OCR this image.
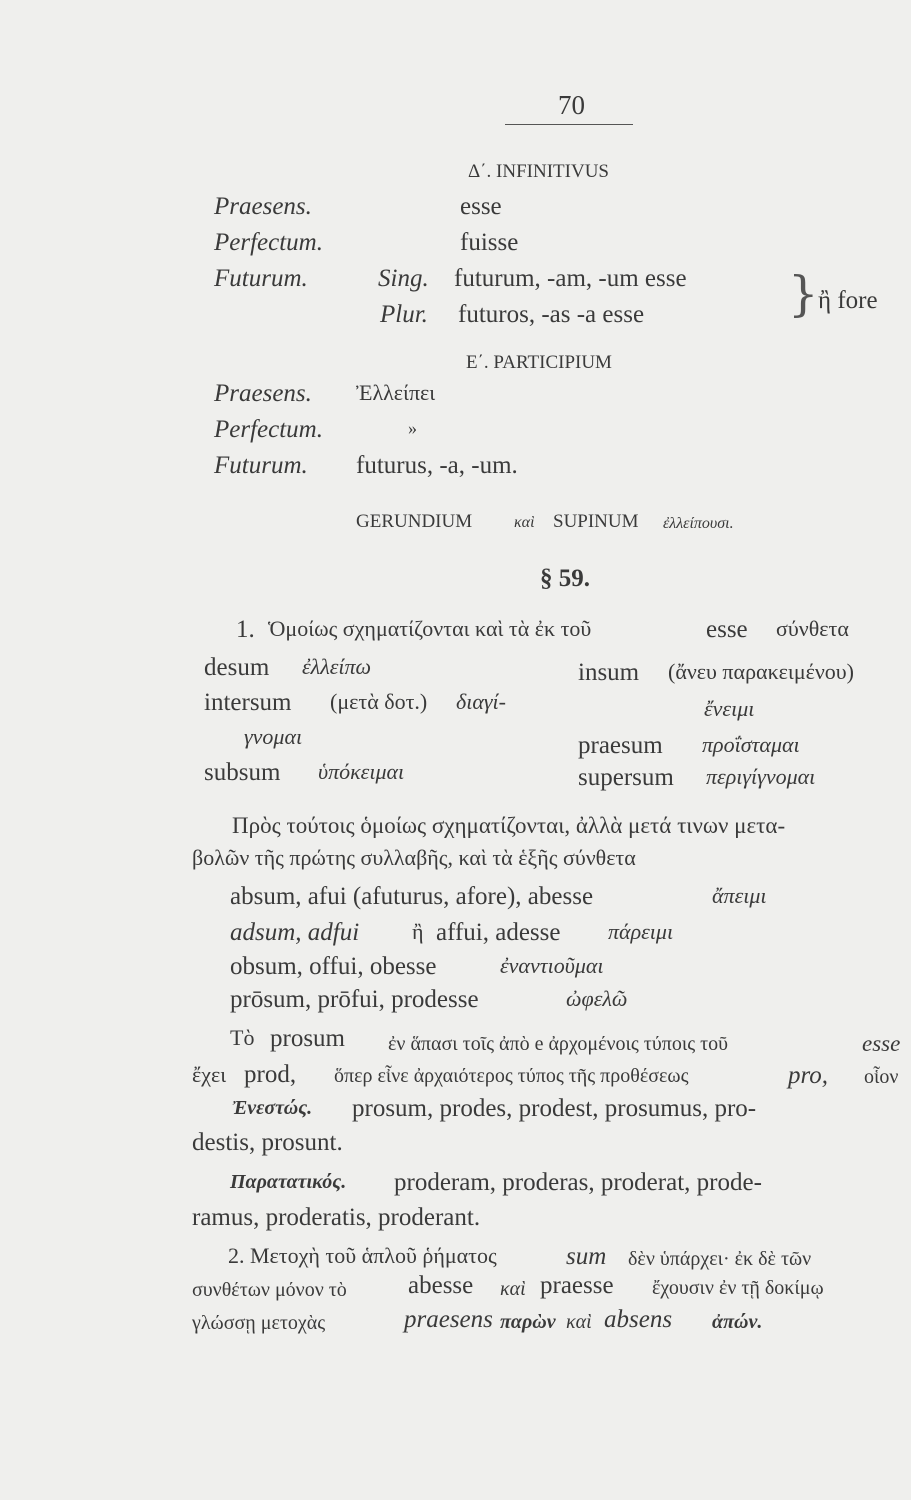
70
Δ΄. INFINITIVUS
Praesens.	esse
Perfectum.	fuisse
Futurum.	Sing. futurum, -am, -um esse
Plur. futuros, -as -a esse	} ἢ fore
Ε΄. PARTICIPIUM
Praesens. Ἐλλείπει
Perfectum.	»
Futurum. futurus, -a, -um.
GERUNDIUM	καὶ SUPINUM ἐλλείπουσι.
§ 59.
1. Ὁμοίως σχηματίζονται καὶ τὰ ἐκ τοῦ	esse σύνθετα
desum ἐλλείπω
intersum (μετὰ δοτ.) διαγί-
γνομαι
subsum ὑπόκειμαι
insum (ἄνευ παρακειμένου)
ἔνειμι
praesum προΐσταμαι
supersum περιγίγνομαι
Πρὸς τούτοις ὁμοίως σχηματίζονται, ἀλλὰ μετά τινων μετα-
βολῶν τῆς πρώτης συλλαβῆς, καὶ τὰ ἑξῆς σύνθετα
absum, afui (afuturus, afore), abesse	ἄπειμι
adsum, adfui ἢ affui, adesse πάρειμι
obsum, offui, obesse	ἐναντιοῦμαι
prōsum, prōfui, prodesse	ὠφελῶ
Τὸ prosum ἐν ἅπασι τοῖς ἀπὸ e ἀρχομένοις τύποις τοῦ	esse
ἔχει prod, ὅπερ εἶνε ἀρχαιότερος τύπος τῆς προθέσεως	pro, οἷον
Ἐνεστώς. prosum, prodes, prodest, prosumus, pro-
destis, prosunt.
Παρατατικός. proderam, proderas, proderat, prode-
ramus, proderatis, proderant.
2. Μετοχὴ τοῦ ἁπλοῦ ῥήματος	sum δὲν ὑπάρχει· ἐκ δὲ τῶν
συνθέτων μόνον τὸ abesse καὶ praesse ἔχουσιν ἐν τῇ δοκίμῳ
γλώσσῃ μετοχὰς	praesens παρὼν καὶ absens ἀπών.
